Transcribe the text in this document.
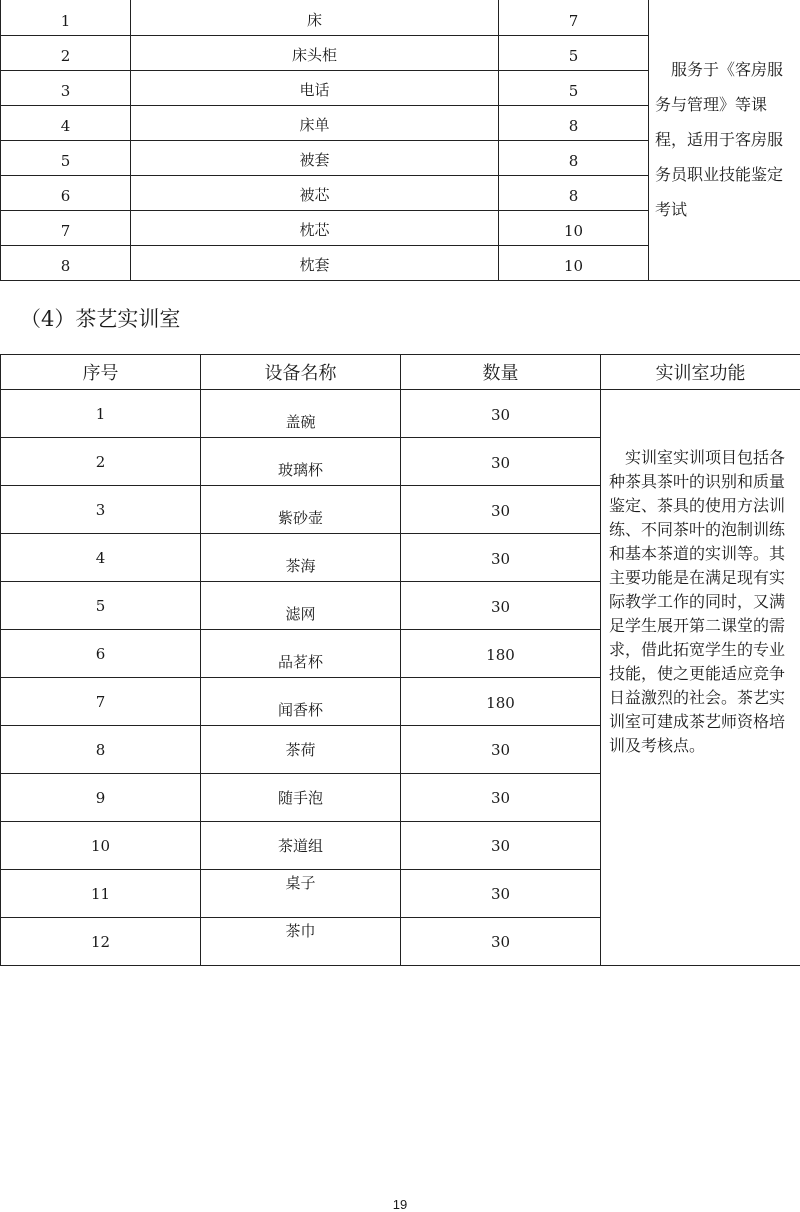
1	床	7	服务于《客房服务与管理》等课程，适用于客房服务员职业技能鉴定考试
2	床头柜	5	
3	电话	5	
4	床单	8	
5	被套	8	
6	被芯	8	
7	枕芯	10	
8	枕套	10	
（4）茶艺实训室
序号	设备名称	数量	实训室功能
1	盖碗	30	实训室实训项目包括各种茶具茶叶的识别和质量鉴定、茶具的使用方法训练、不同茶叶的泡制训练和基本茶道的实训等。其主要功能是在满足现有实际教学工作的同时，又满足学生展开第二课堂的需求，借此拓宽学生的专业技能，使之更能适应竞争日益激烈的社会。茶艺实训室可建成茶艺师资格培训及考核点。
2	玻璃杯	30	
3	紫砂壶	30	
4	茶海	30	
5	滤网	30	
6	品茗杯	180	
7	闻香杯	180	
8	茶荷	30	
9	随手泡	30	
10	茶道组	30	
11	桌子	30	
12	茶巾	30	
19
